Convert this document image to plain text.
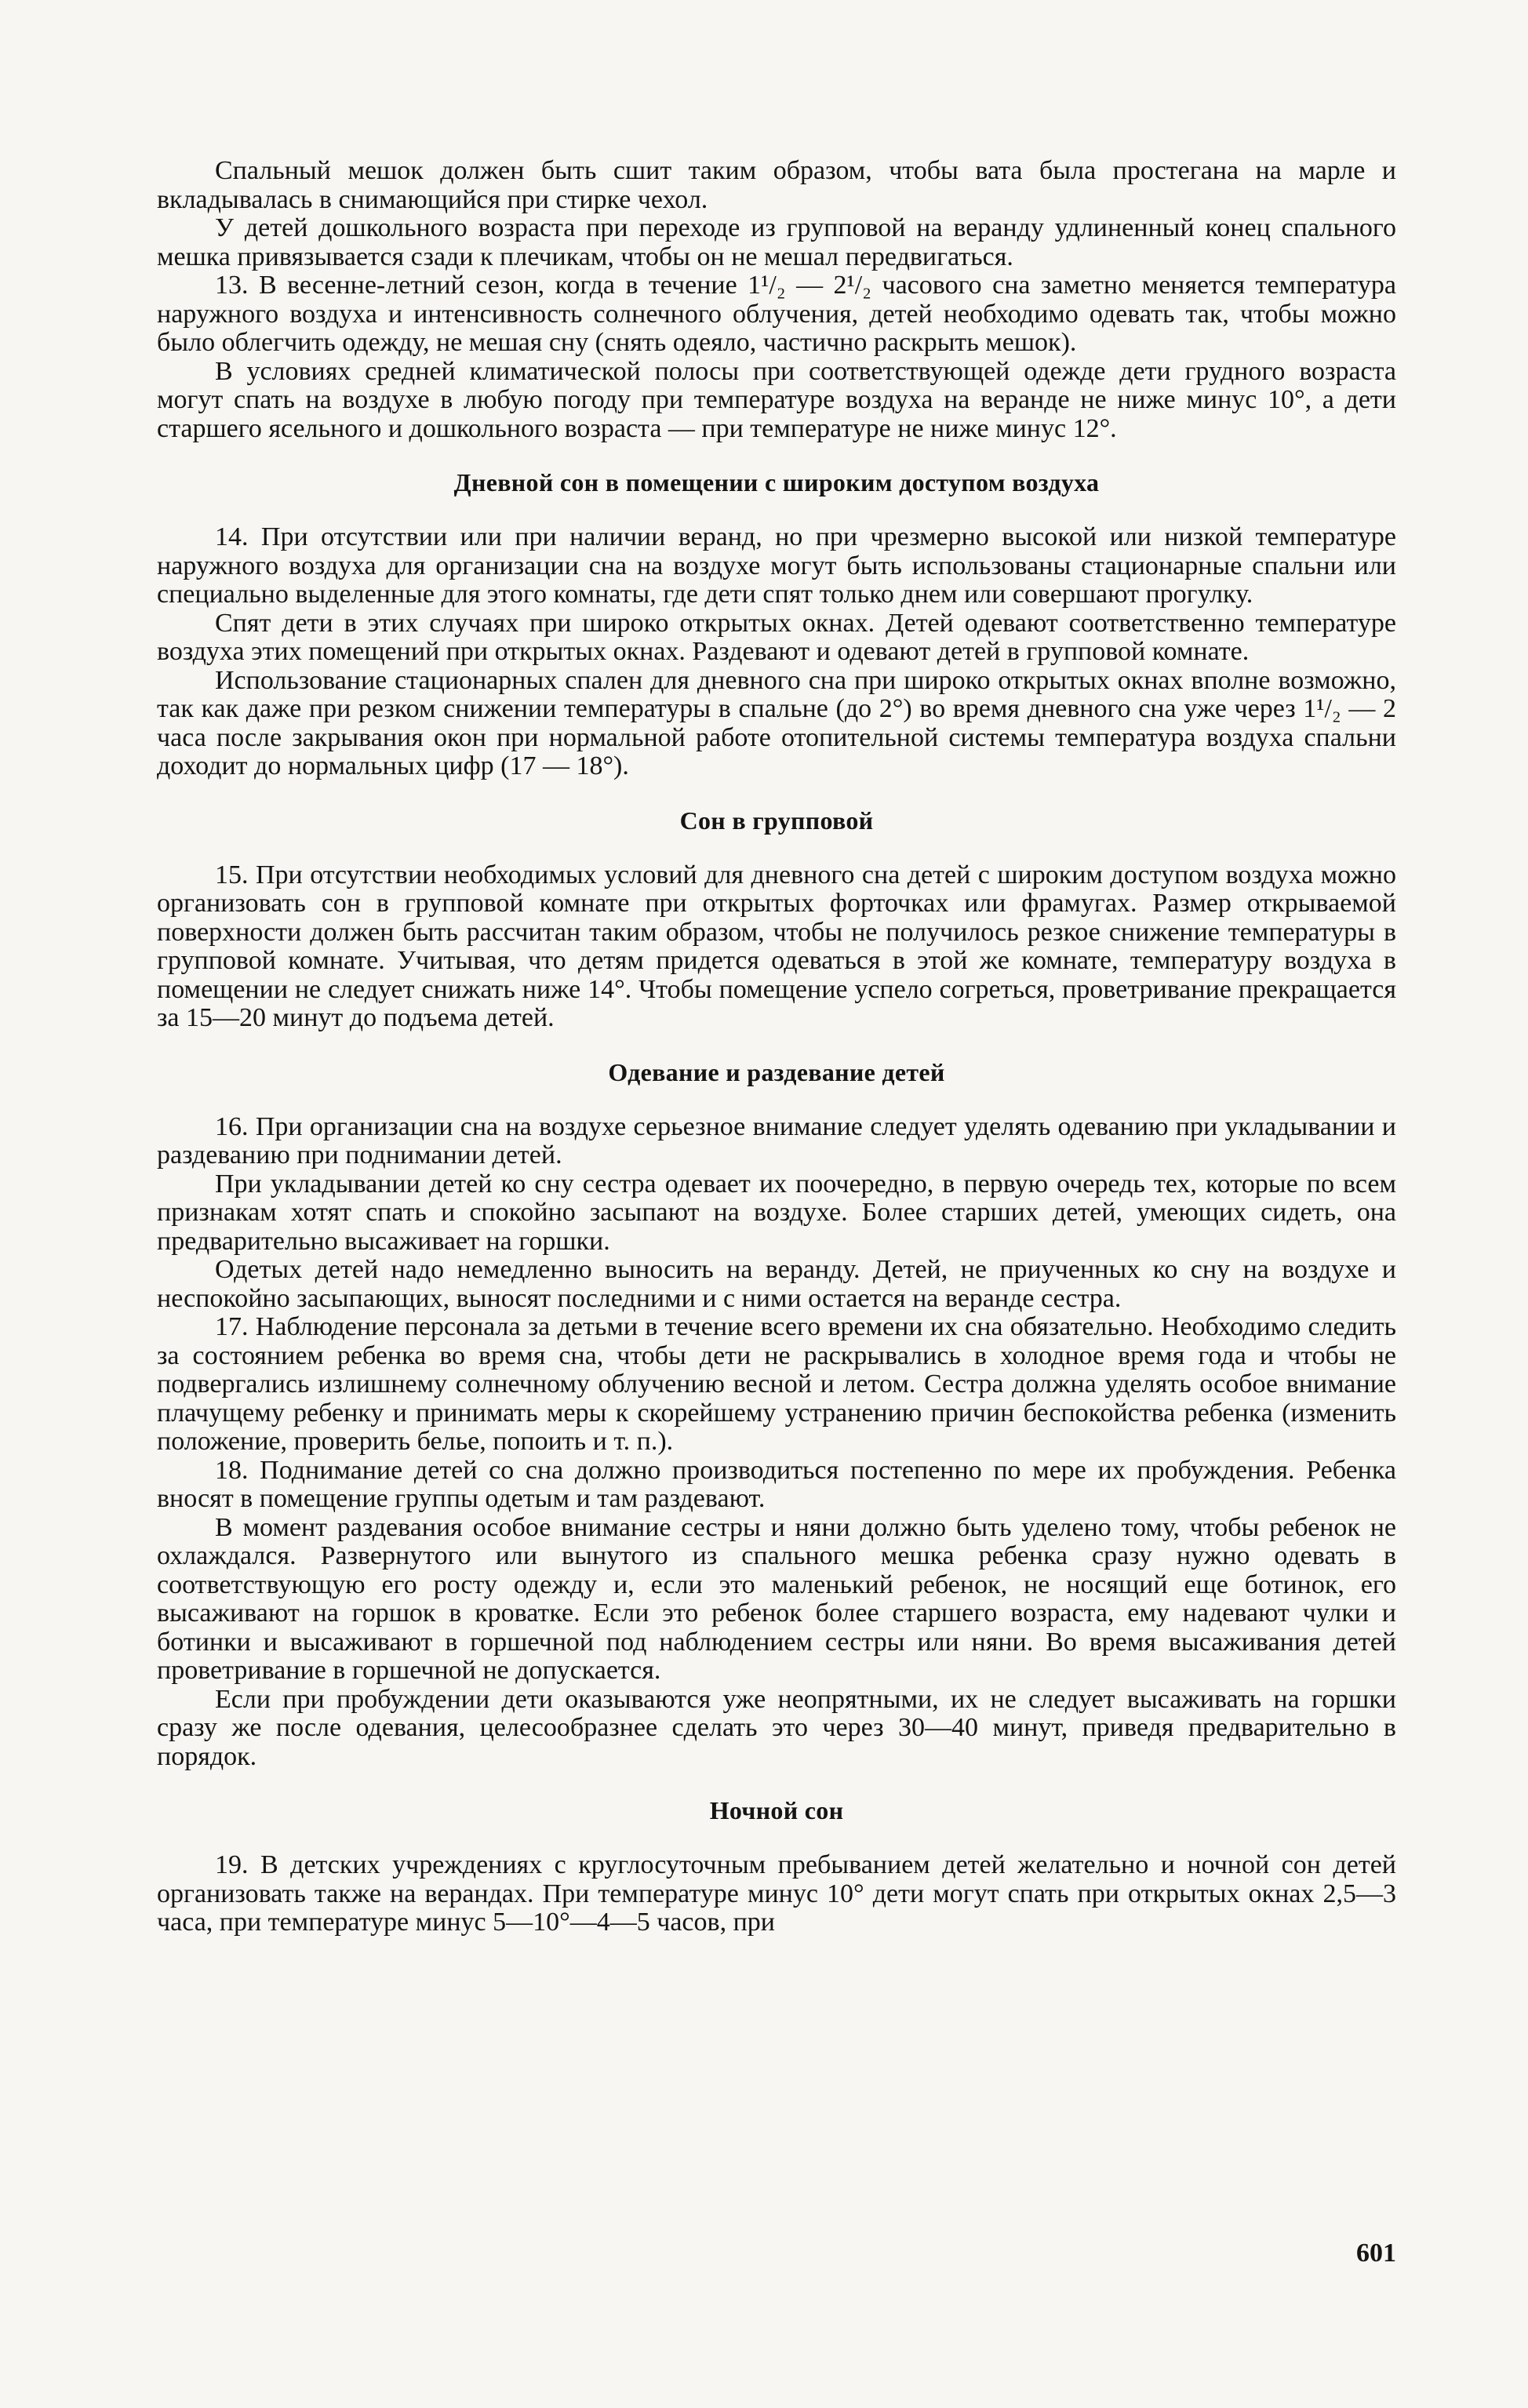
Спальный мешок должен быть сшит таким образом, чтобы вата была простегана на марле и вкладывалась в снимающийся при стирке чехол.

У детей дошкольного возраста при переходе из групповой на веранду удлиненный конец спального мешка привязывается сзади к плечикам, чтобы он не мешал передвигаться.

13. В весенне-летний сезон, когда в течение 1¹/₂ — 2¹/₂ часового сна заметно меняется температура наружного воздуха и интенсивность солнечного облучения, детей необходимо одевать так, чтобы можно было облегчить одежду, не мешая сну (снять одеяло, частично раскрыть мешок).

В условиях средней климатической полосы при соответствующей одежде дети грудного возраста могут спать на воздухе в любую погоду при температуре воздуха на веранде не ниже минус 10°, а дети старшего ясельного и дошкольного возраста — при температуре не ниже минус 12°.

Дневной сон в помещении с широким доступом воздуха

14. При отсутствии или при наличии веранд, но при чрезмерно высокой или низкой температуре наружного воздуха для организации сна на воздухе могут быть использованы стационарные спальни или специально выделенные для этого комнаты, где дети спят только днем или совершают прогулку.

Спят дети в этих случаях при широко открытых окнах. Детей одевают соответственно температуре воздуха этих помещений при открытых окнах. Раздевают и одевают детей в групповой комнате.

Использование стационарных спален для дневного сна при широко открытых окнах вполне возможно, так как даже при резком снижении температуры в спальне (до 2°) во время дневного сна уже через 1¹/₂ — 2 часа после закрывания окон при нормальной работе отопительной системы температура воздуха спальни доходит до нормальных цифр (17 — 18°).

Сон в групповой

15. При отсутствии необходимых условий для дневного сна детей с широким доступом воздуха можно организовать сон в групповой комнате при открытых форточках или фрамугах. Размер открываемой поверхности должен быть рассчитан таким образом, чтобы не получилось резкое снижение температуры в групповой комнате. Учитывая, что детям придется одеваться в этой же комнате, температуру воздуха в помещении не следует снижать ниже 14°. Чтобы помещение успело согреться, проветривание прекращается за 15—20 минут до подъема детей.

Одевание и раздевание детей

16. При организации сна на воздухе серьезное внимание следует уделять одеванию при укладывании и раздеванию при поднимании детей.

При укладывании детей ко сну сестра одевает их поочередно, в первую очередь тех, которые по всем признакам хотят спать и спокойно засыпают на воздухе. Более старших детей, умеющих сидеть, она предварительно высаживает на горшки.

Одетых детей надо немедленно выносить на веранду. Детей, не приученных ко сну на воздухе и неспокойно засыпающих, выносят последними и с ними остается на веранде сестра.

17. Наблюдение персонала за детьми в течение всего времени их сна обязательно. Необходимо следить за состоянием ребенка во время сна, чтобы дети не раскрывались в холодное время года и чтобы не подвергались излишнему солнечному облучению весной и летом. Сестра должна уделять особое внимание плачущему ребенку и принимать меры к скорейшему устранению причин беспокойства ребенка (изменить положение, проверить белье, попоить и т. п.).

18. Поднимание детей со сна должно производиться постепенно по мере их пробуждения. Ребенка вносят в помещение группы одетым и там раздевают.

В момент раздевания особое внимание сестры и няни должно быть уделено тому, чтобы ребенок не охлаждался. Развернутого или вынутого из спального мешка ребенка сразу нужно одевать в соответствующую его росту одежду и, если это маленький ребенок, не носящий еще ботинок, его высаживают на горшок в кроватке. Если это ребенок более старшего возраста, ему надевают чулки и ботинки и высаживают в горшечной под наблюдением сестры или няни. Во время высаживания детей проветривание в горшечной не допускается.

Если при пробуждении дети оказываются уже неопрятными, их не следует высаживать на горшки сразу же после одевания, целесообразнее сделать это через 30—40 минут, приведя предварительно в порядок.

Ночной сон

19. В детских учреждениях с круглосуточным пребыванием детей желательно и ночной сон детей организовать также на верандах. При температуре минус 10° дети могут спать при открытых окнах 2,5—3 часа, при температуре минус 5—10°—4—5 часов, при

601
